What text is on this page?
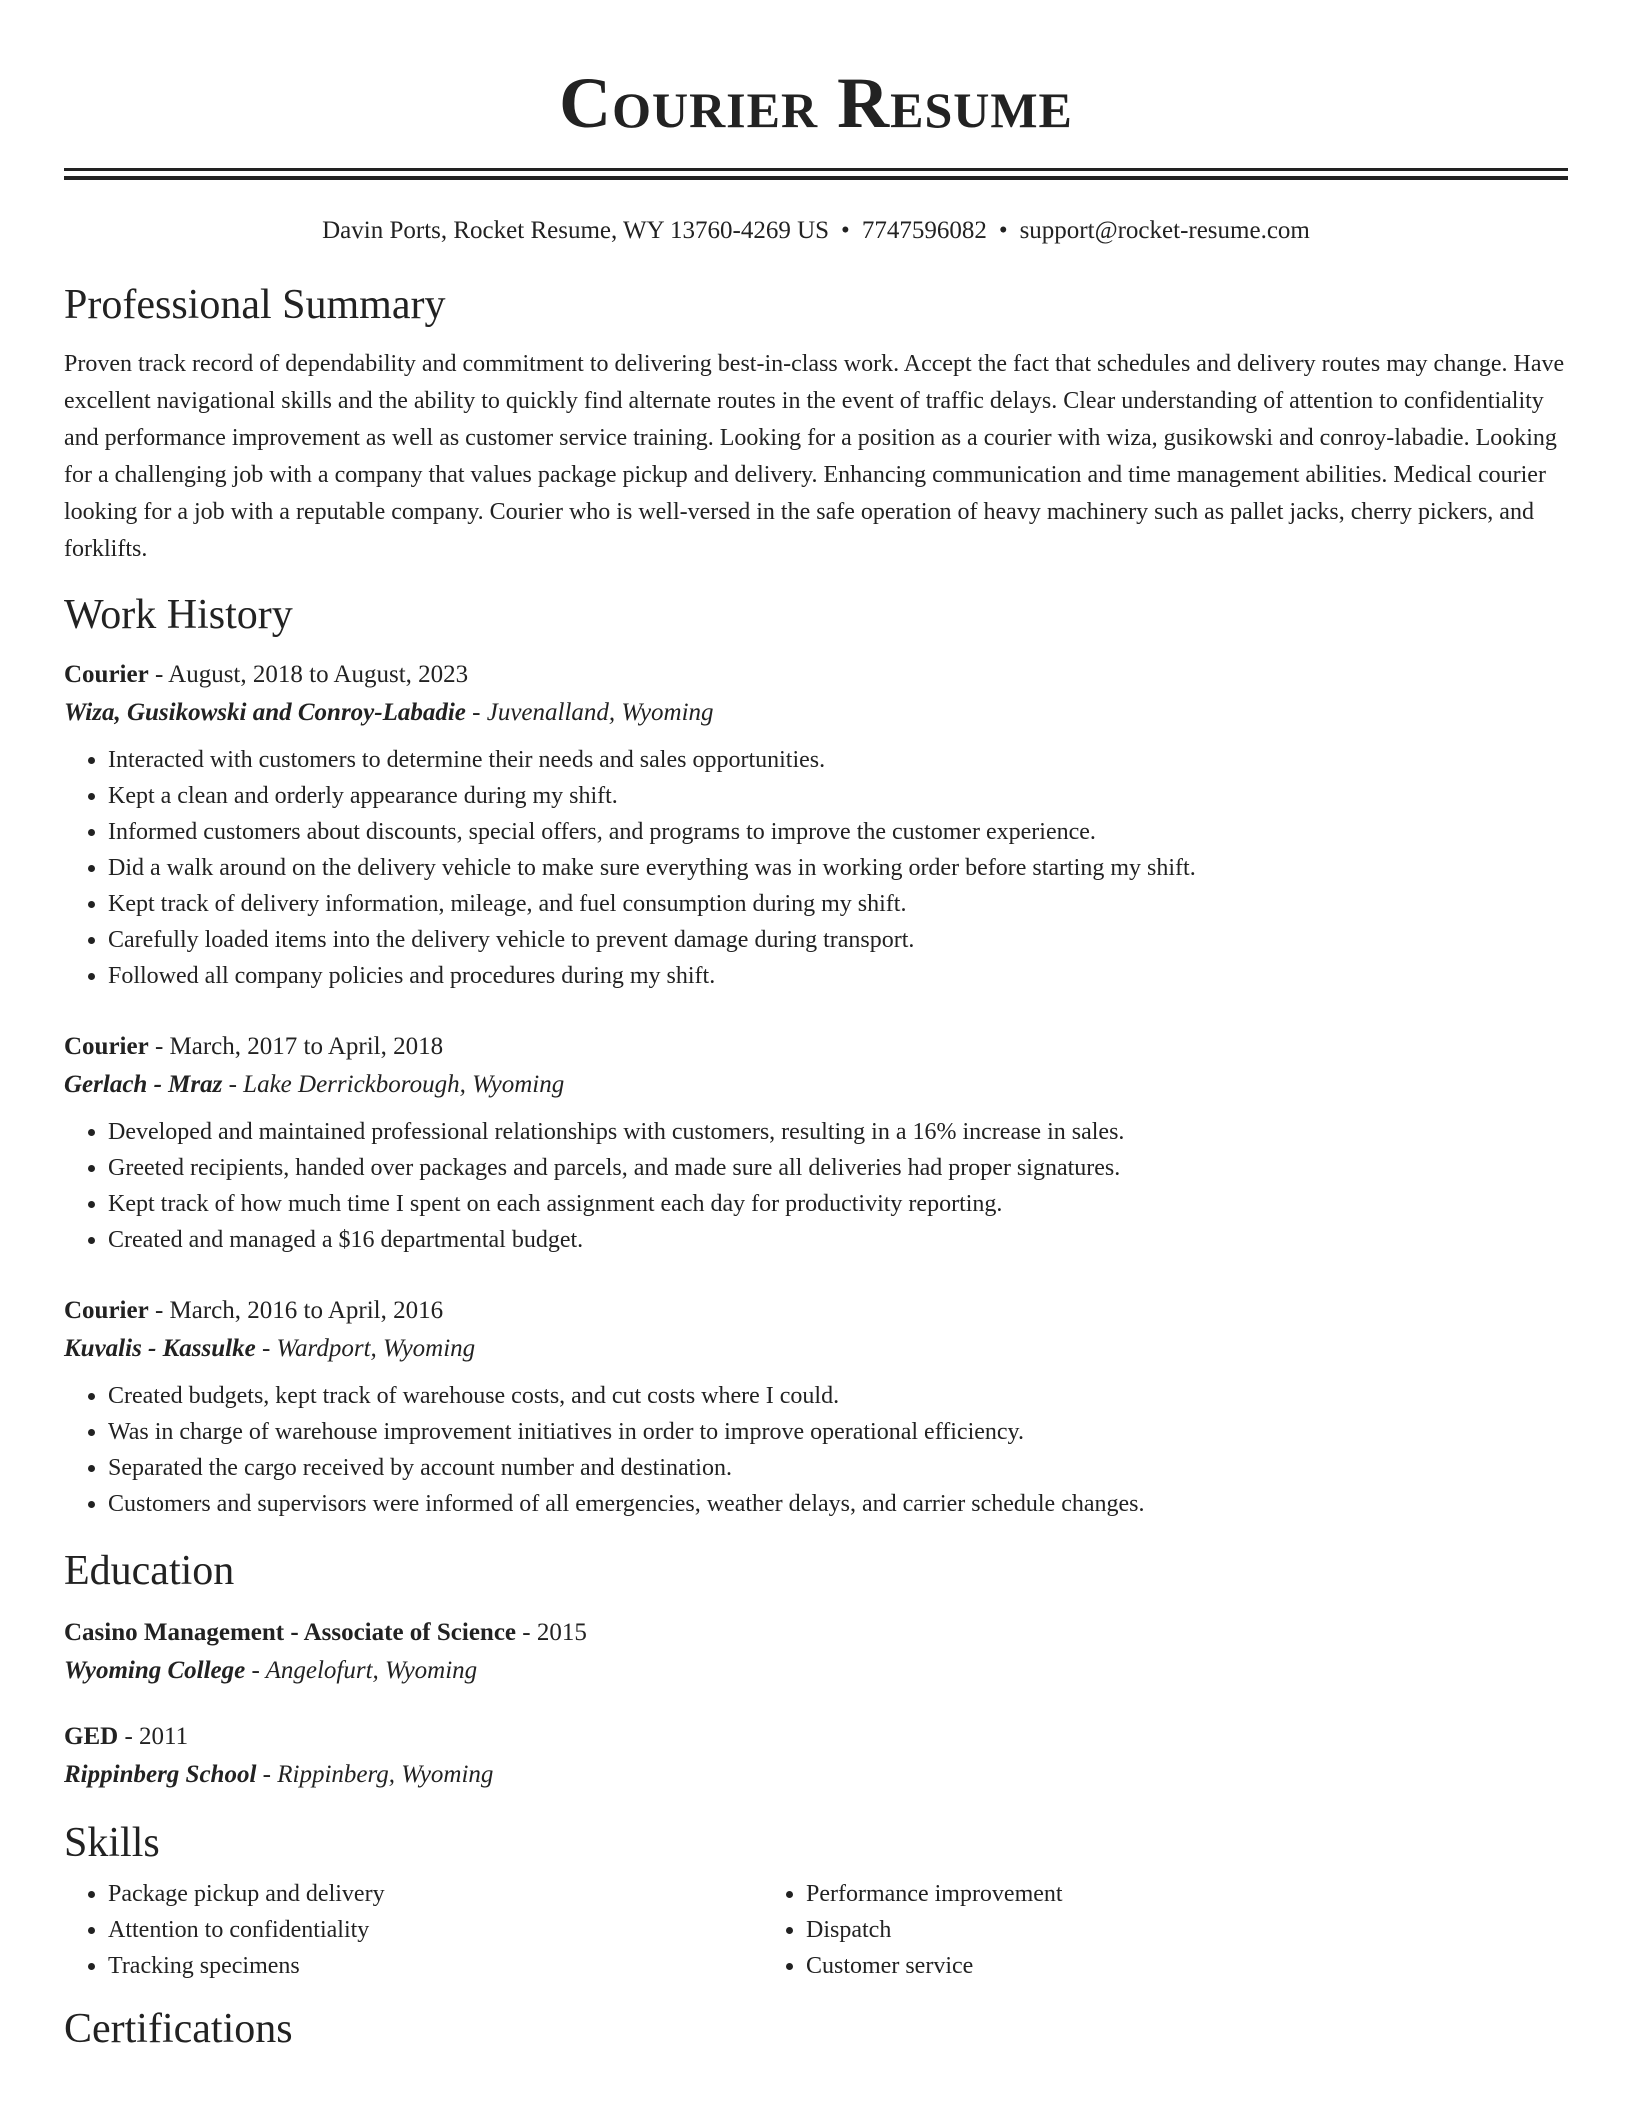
Courier Resume
Davin Ports, Rocket Resume, WY 13760-4269 US • 7747596082 • support@rocket-resume.com
Professional Summary

Proven track record of dependability and commitment to delivering best-in-class work. Accept the fact that schedules and delivery routes may change. Have excellent navigational skills and the ability to quickly find alternate routes in the event of traffic delays. Clear understanding of attention to confidentiality and performance improvement as well as customer service training. Looking for a position as a courier with wiza, gusikowski and conroy-labadie. Looking for a challenging job with a company that values package pickup and delivery. Enhancing communication and time management abilities. Medical courier looking for a job with a reputable company. Courier who is well-versed in the safe operation of heavy machinery such as pallet jacks, cherry pickers, and forklifts.

Work History
Courier - August, 2018 to August, 2023
Wiza, Gusikowski and Conroy-Labadie - Juvenalland, Wyoming
• Interacted with customers to determine their needs and sales opportunities.
• Kept a clean and orderly appearance during my shift.
• Informed customers about discounts, special offers, and programs to improve the customer experience.
• Did a walk around on the delivery vehicle to make sure everything was in working order before starting my shift.
• Kept track of delivery information, mileage, and fuel consumption during my shift.
• Carefully loaded items into the delivery vehicle to prevent damage during transport.
• Followed all company policies and procedures during my shift.
Courier - March, 2017 to April, 2018
Gerlach - Mraz - Lake Derrickborough, Wyoming
• Developed and maintained professional relationships with customers, resulting in a 16% increase in sales.
• Greeted recipients, handed over packages and parcels, and made sure all deliveries had proper signatures.
• Kept track of how much time I spent on each assignment each day for productivity reporting.
• Created and managed a $16 departmental budget.
Courier - March, 2016 to April, 2016
Kuvalis - Kassulke - Wardport, Wyoming
• Created budgets, kept track of warehouse costs, and cut costs where I could.
• Was in charge of warehouse improvement initiatives in order to improve operational efficiency.
• Separated the cargo received by account number and destination.
• Customers and supervisors were informed of all emergencies, weather delays, and carrier schedule changes.
Education
Casino Management - Associate of Science - 2015
Wyoming College - Angelofurt, Wyoming
GED - 2011
Rippinberg School - Rippinberg, Wyoming
Skills
• Package pickup and delivery
• Attention to confidentiality
• Tracking specimens
• Performance improvement
• Dispatch
• Customer service
Certifications
